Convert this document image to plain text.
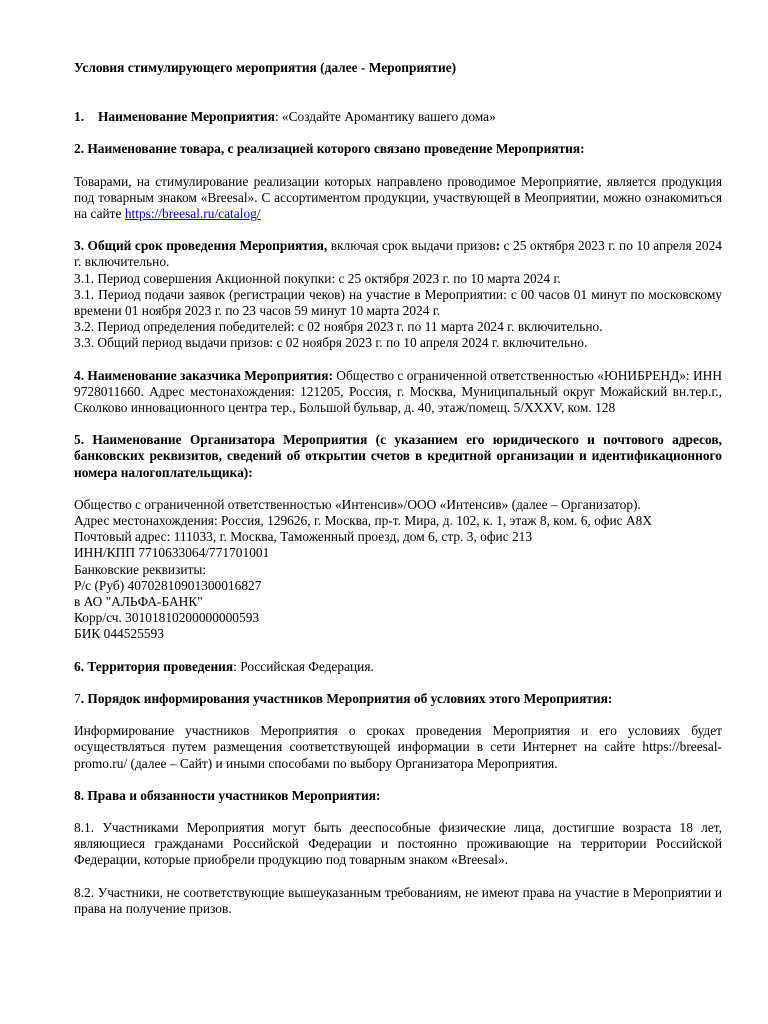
Условия стимулирующего мероприятия (далее - Мероприятие)

1. Наименование Мероприятия: «Создайте Аромантику вашего дома»

2. Наименование товара, с реализацией которого связано проведение Мероприятия:

Товарами, на стимулирование реализации которых направлено проводимое Мероприятие, является продукция под товарным знаком «Breesal». С ассортиментом продукции, участвующей в Меоприятии, можно ознакомиться на сайте https://breesal.ru/catalog/

3. Общий срок проведения Мероприятия, включая срок выдачи призов: с 25 октября 2023 г. по 10 апреля 2024 г. включительно.

3.1. Период совершения Акционной покупки: с 25 октября 2023 г. по 10 марта 2024 г.

3.1. Период подачи заявок (регистрации чеков) на участие в Мероприятии: с 00 часов 01 минут по московскому времени 01 ноября 2023 г. по 23 часов 59 минут 10 марта 2024 г.

3.2. Период определения победителей: с 02 ноября 2023 г. по 11 марта 2024 г. включительно.

3.3. Общий период выдачи призов: с 02 ноября 2023 г. по 10 апреля 2024 г. включительно.

4. Наименование заказчика Мероприятия: Общество с ограниченной ответственностью «ЮНИБРЕНД»: ИНН 9728011660. Адрес местонахождения: 121205, Россия, г. Москва, Муниципальный округ Можайский вн.тер.г., Сколково инновационного центра тер., Большой бульвар, д. 40, этаж/помещ. 5/XXXV, ком. 128

5. Наименование Организатора Мероприятия (с указанием его юридического и почтового адресов, банковских реквизитов, сведений об открытии счетов в кредитной организации и идентификационного номера налогоплательщика):

Общество с ограниченной ответственностью «Интенсив»/ООО «Интенсив» (далее – Организатор).

Адрес местонахождения: Россия, 129626, г. Москва, пр-т. Мира, д. 102, к. 1, этаж 8, ком. 6, офис А8Х

Почтовый адрес: 111033, г. Москва, Таможенный проезд, дом 6, стр. 3, офис 213

ИНН/КПП 7710633064/771701001

Банковские реквизиты:

Р/с (Руб) 40702810901300016827

в АО "АЛЬФА-БАНК"

Корр/сч. 30101810200000000593

БИК 044525593

6. Территория проведения: Российская Федерация.

7. Порядок информирования участников Мероприятия об условиях этого Мероприятия:

Информирование участников Мероприятия о сроках проведения Мероприятия и его условиях будет осуществляться путем размещения соответствующей информации в сети Интернет на сайте https://breesal-promo.ru/ (далее – Сайт) и иными способами по выбору Организатора Мероприятия.

8. Права и обязанности участников Мероприятия:

8.1. Участниками Мероприятия могут быть дееспособные физические лица, достигшие возраста 18 лет, являющиеся гражданами Российской Федерации и постоянно проживающие на территории Российской Федерации, которые приобрели продукцию под товарным знаком «Breesal».

8.2. Участники, не соответствующие вышеуказанным требованиям, не имеют права на участие в Мероприятии и права на получение призов.
